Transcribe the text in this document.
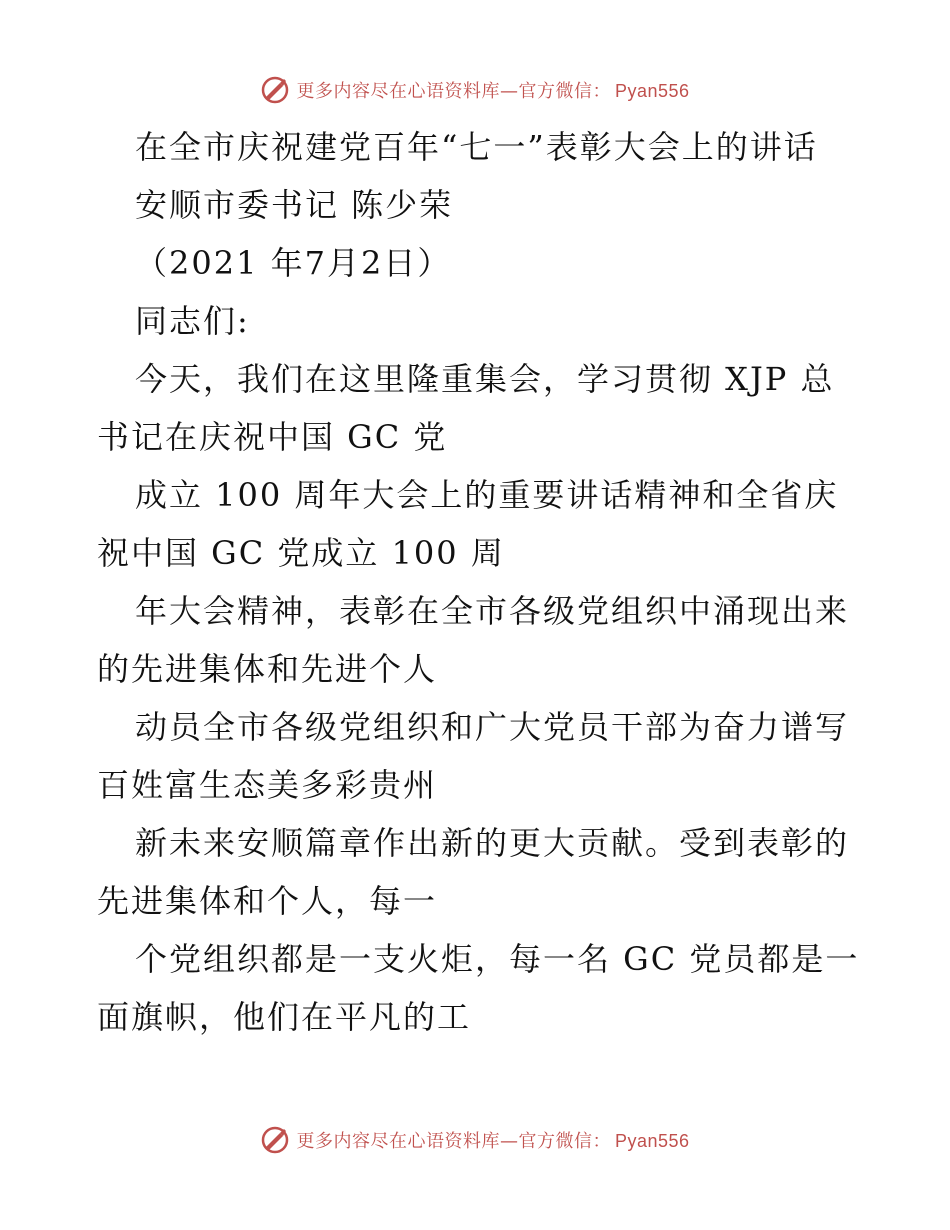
更多内容尽在心语资料库—官方微信： Pyan556
在全市庆祝建党百年“七一”表彰大会上的讲话
安顺市委书记 陈少荣
（2021 年7月2日）
同志们:
今天，我们在这里隆重集会，学习贯彻 XJP 总
书记在庆祝中国 GC 党
成立 100 周年大会上的重要讲话精神和全省庆
祝中国 GC 党成立 100 周
年大会精神，表彰在全市各级党组织中涌现出来
的先进集体和先进个人
动员全市各级党组织和广大党员干部为奋力谱写
百姓富生态美多彩贵州
新未来安顺篇章作出新的更大贡献。受到表彰的
先进集体和个人，每一
个党组织都是一支火炬，每一名 GC 党员都是一
面旗帜，他们在平凡的工
更多内容尽在心语资料库—官方微信： Pyan556
